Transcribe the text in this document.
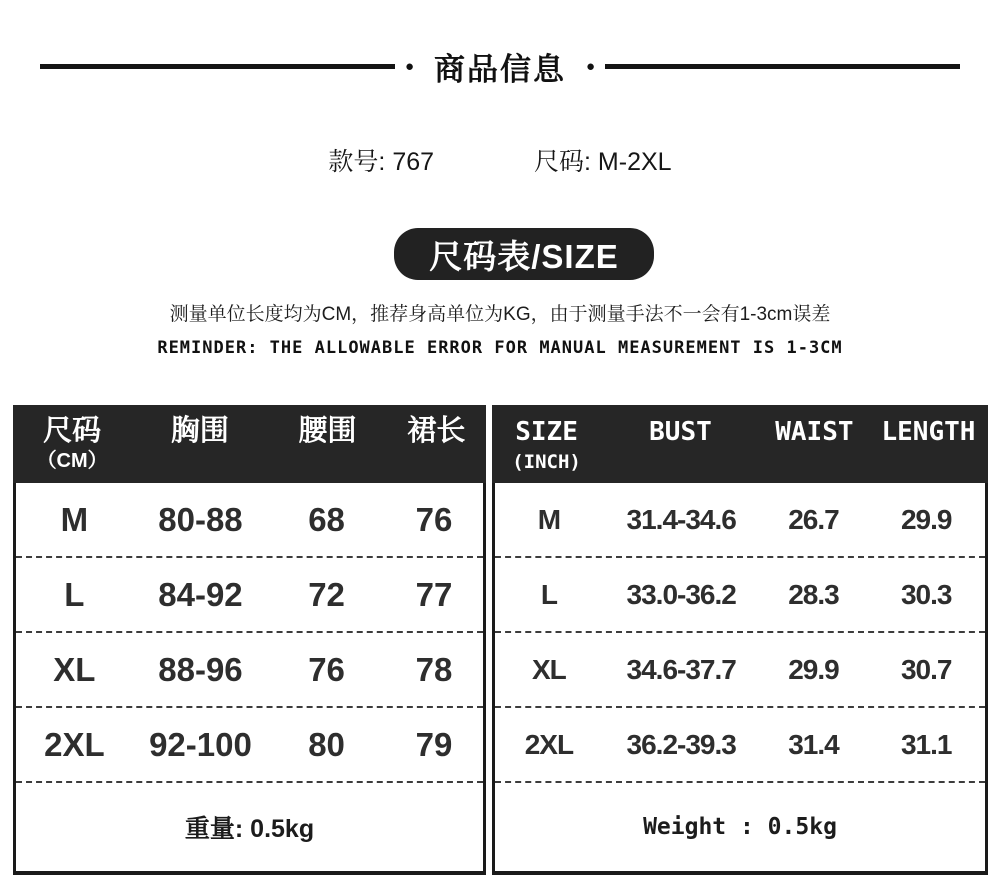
● 商品信息 ●
款号: 767	尺码: M-2XL
尺码表/SIZE
测量单位长度均为CM，推荐身高单位为KG，由于测量手法不一会有1-3cm误差
REMINDER: THE ALLOWABLE ERROR FOR MANUAL MEASUREMENT IS 1-3CM
尺码
（CM）
胸围	腰围	裙长
M	80-88	68	76
L	84-92	72	77
XL	88-96	76	78
2XL	92-100	80	79
重量: 0.5kg
SIZE
(INCH)
BUST	WAIST	LENGTH
M	31.4-34.6	26.7	29.9
L	33.0-36.2	28.3	30.3
XL	34.6-37.7	29.9	30.7
2XL	36.2-39.3	31.4	31.1
Weight : 0.5kg
